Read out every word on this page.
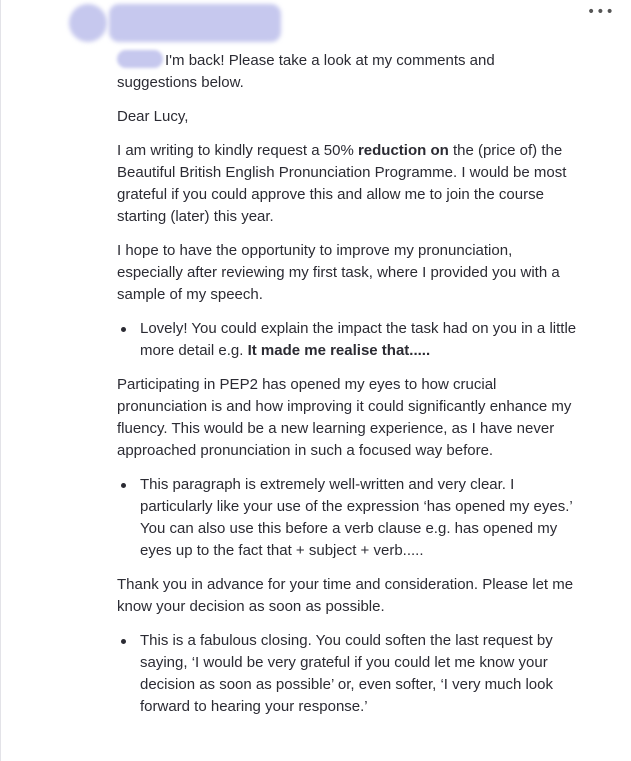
•••

I'm back! Please take a look at my comments and suggestions below.

Dear Lucy,

I am writing to kindly request a 50% reduction on the (price of) the Beautiful British English Pronunciation Programme. I would be most grateful if you could approve this and allow me to join the course starting (later) this year.

I hope to have the opportunity to improve my pronunciation, especially after reviewing my first task, where I provided you with a sample of my speech.

Lovely! You could explain the impact the task had on you in a little more detail e.g. It made me realise that.....

Participating in PEP2 has opened my eyes to how crucial pronunciation is and how improving it could significantly enhance my fluency. This would be a new learning experience, as I have never approached pronunciation in such a focused way before.

This paragraph is extremely well-written and very clear. I particularly like your use of the expression ‘has opened my eyes.’ You can also use this before a verb clause e.g. has opened my eyes up to the fact that + subject + verb.....

Thank you in advance for your time and consideration. Please let me know your decision as soon as possible.

This is a fabulous closing. You could soften the last request by saying, ‘I would be very grateful if you could let me know your decision as soon as possible’ or, even softer, ‘I very much look forward to hearing your response.’
